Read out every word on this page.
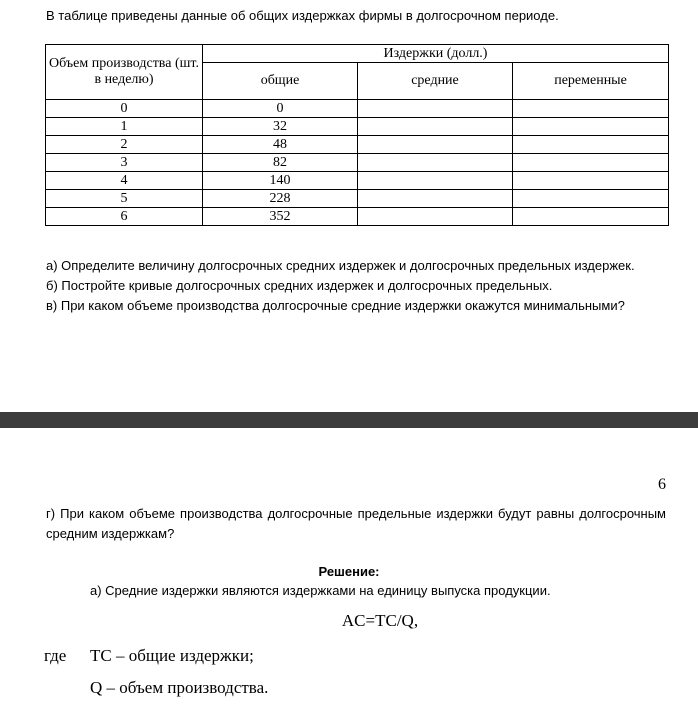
В таблице приведены данные об общих издержках фирмы в долгосрочном периоде.
Объем производства (шт. в неделю)	Издержки (долл.)		
	общие	средние	переменные
0	0		
1	32		
2	48		
3	82		
4	140		
5	228		
6	352		

а) Определите величину долгосрочных средних издержек и долгосрочных предельных издержек.

б) Постройте кривые долгосрочных средних издержек и долгосрочных предельных.

в) При каком объеме производства долгосрочные средние издержки окажутся минимальными?

6
г) При каком объеме производства долгосрочные предельные издержки будут равны долгосрочным средним издержкам?
Решение:
а) Средние издержки являются издержками на единицу выпуска продукции.
AC=TC/Q,
где TC – общие издержки;
Q – объем производства.
